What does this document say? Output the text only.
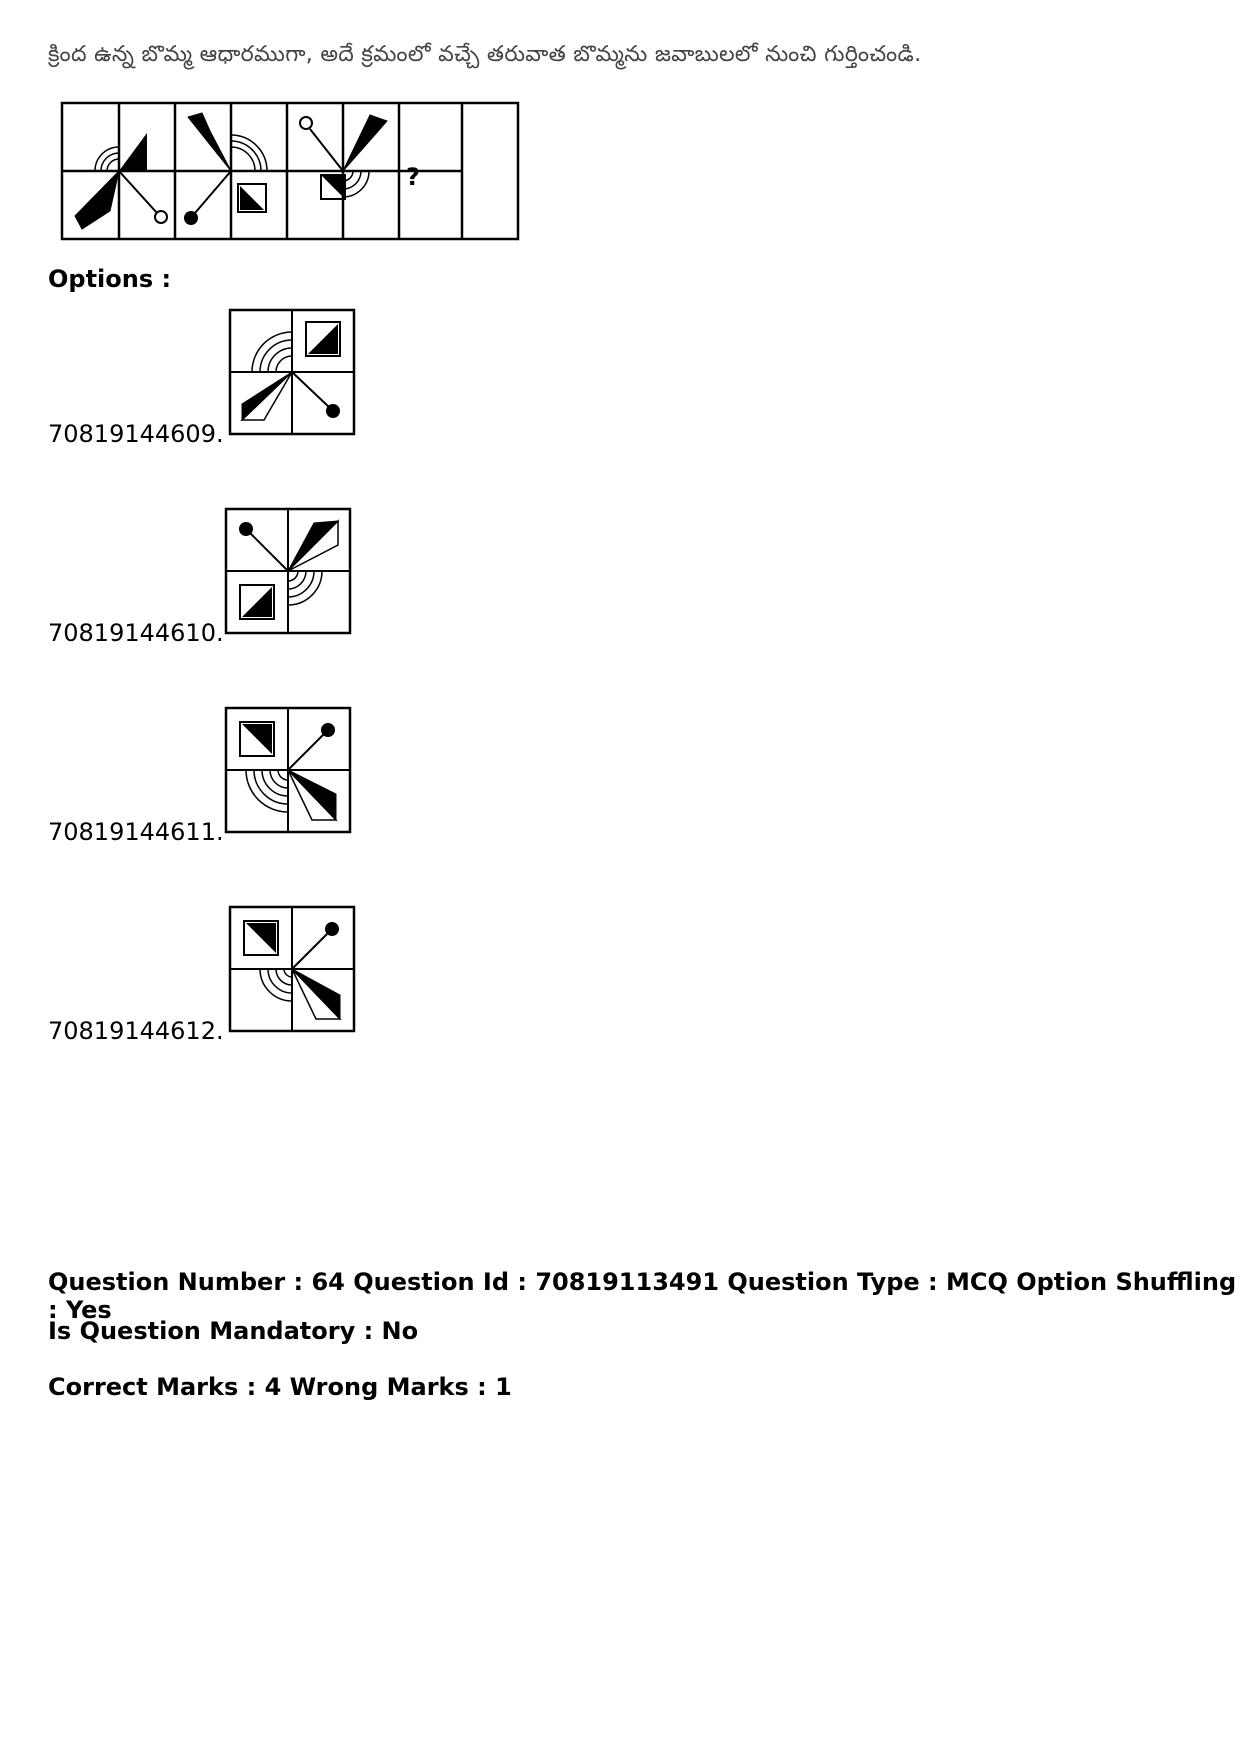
క్రింద ఉన్న బొమ్మ ఆధారముగా, అదే క్రమంలో వచ్చే తరువాత బొమ్మను జవాబులలో నుంచి గుర్తించండి.
?
Options :
70819144609.
70819144610.
70819144611.
70819144612.
Question Number : 64 Question Id : 70819113491 Question Type : MCQ Option Shuffling : Yes
Is Question Mandatory : No
Correct Marks : 4 Wrong Marks : 1
